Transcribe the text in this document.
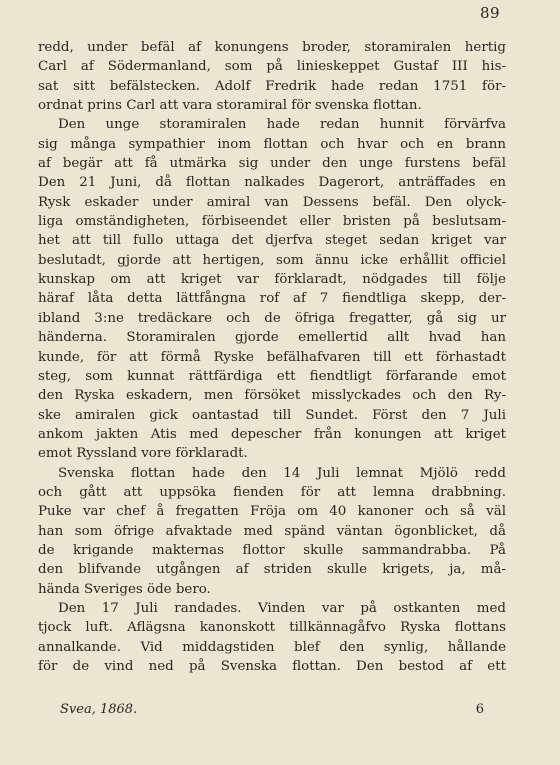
89
redd, under befäl af konungens broder, storamiralen hertig
Carl af Södermanland, som på linieskeppet Gustaf III his-
sat sitt befälstecken. Adolf Fredrik hade redan 1751 för-
ordnat prins Carl att vara storamiral för svenska flottan.
Den unge storamiralen hade redan hunnit förvärfva
sig många sympathier inom flottan och hvar och en brann
af begär att få utmärka sig under den unge furstens befäl
Den 21 Juni, då flottan nalkades Dagerort, anträffades en
Rysk eskader under amiral van Dessens befäl. Den olyck-
liga omständigheten, förbiseendet eller bristen på beslutsam-
het att till fullo uttaga det djerfva steget sedan kriget var
beslutadt, gjorde att hertigen, som ännu icke erhållit officiel
kunskap om att kriget var förklaradt, nödgades till följe
häraf låta detta lättfångna rof af 7 fiendtliga skepp, der-
ibland 3:ne tredäckare och de öfriga fregatter, gå sig ur
händerna. Storamiralen gjorde emellertid allt hvad han
kunde, för att förmå Ryske befälhafvaren till ett förhastadt
steg, som kunnat rättfärdiga ett fiendtligt förfarande emot
den Ryska eskadern, men försöket misslyckades och den Ry-
ske amiralen gick oantastad till Sundet. Först den 7 Juli
ankom jakten Atis med depescher från konungen att kriget
emot Ryssland vore förklaradt.
Svenska flottan hade den 14 Juli lemnat Mjölö redd
och gått att uppsöka fienden för att lemna drabbning.
Puke var chef å fregatten Fröja om 40 kanoner och så väl
han som öfrige afvaktade med spänd väntan ögonblicket, då
de krigande makternas flottor skulle sammandrabba. På
den blifvande utgången af striden skulle krigets, ja, må-
hända Sveriges öde bero.
Den 17 Juli randades. Vinden var på ostkanten med
tjock luft. Aflägsna kanonskott tillkännagåfvo Ryska flottans
annalkande. Vid middagstiden blef den synlig, hållande
för de vind ned på Svenska flottan. Den bestod af ett
Svea, 1868.	6
